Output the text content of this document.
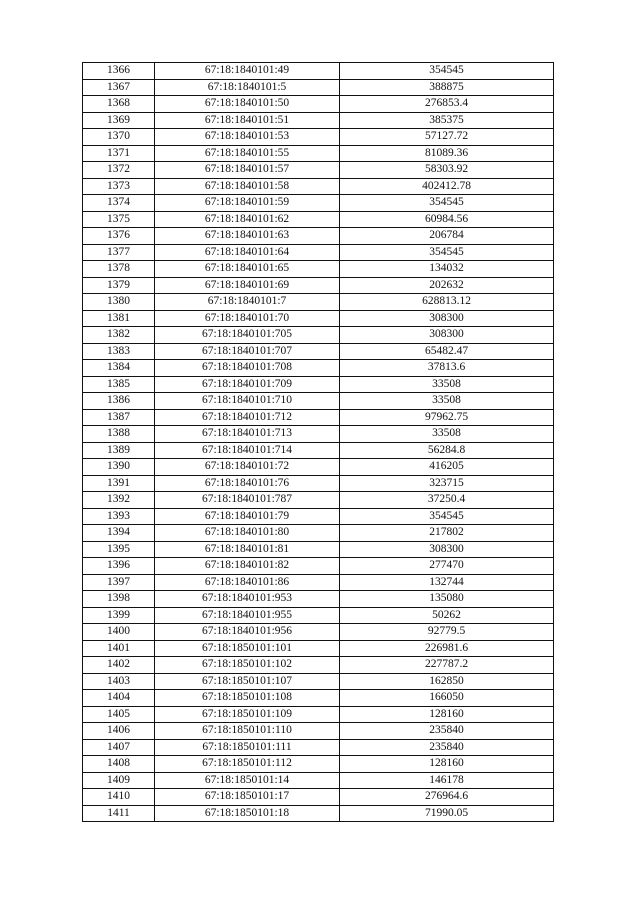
1366	67:18:1840101:49	354545
1367	67:18:1840101:5	388875
1368	67:18:1840101:50	276853.4
1369	67:18:1840101:51	385375
1370	67:18:1840101:53	57127.72
1371	67:18:1840101:55	81089.36
1372	67:18:1840101:57	58303.92
1373	67:18:1840101:58	402412.78
1374	67:18:1840101:59	354545
1375	67:18:1840101:62	60984.56
1376	67:18:1840101:63	206784
1377	67:18:1840101:64	354545
1378	67:18:1840101:65	134032
1379	67:18:1840101:69	202632
1380	67:18:1840101:7	628813.12
1381	67:18:1840101:70	308300
1382	67:18:1840101:705	308300
1383	67:18:1840101:707	65482.47
1384	67:18:1840101:708	37813.6
1385	67:18:1840101:709	33508
1386	67:18:1840101:710	33508
1387	67:18:1840101:712	97962.75
1388	67:18:1840101:713	33508
1389	67:18:1840101:714	56284.8
1390	67:18:1840101:72	416205
1391	67:18:1840101:76	323715
1392	67:18:1840101:787	37250.4
1393	67:18:1840101:79	354545
1394	67:18:1840101:80	217802
1395	67:18:1840101:81	308300
1396	67:18:1840101:82	277470
1397	67:18:1840101:86	132744
1398	67:18:1840101:953	135080
1399	67:18:1840101:955	50262
1400	67:18:1840101:956	92779.5
1401	67:18:1850101:101	226981.6
1402	67:18:1850101:102	227787.2
1403	67:18:1850101:107	162850
1404	67:18:1850101:108	166050
1405	67:18:1850101:109	128160
1406	67:18:1850101:110	235840
1407	67:18:1850101:111	235840
1408	67:18:1850101:112	128160
1409	67:18:1850101:14	146178
1410	67:18:1850101:17	276964.6
1411	67:18:1850101:18	71990.05
